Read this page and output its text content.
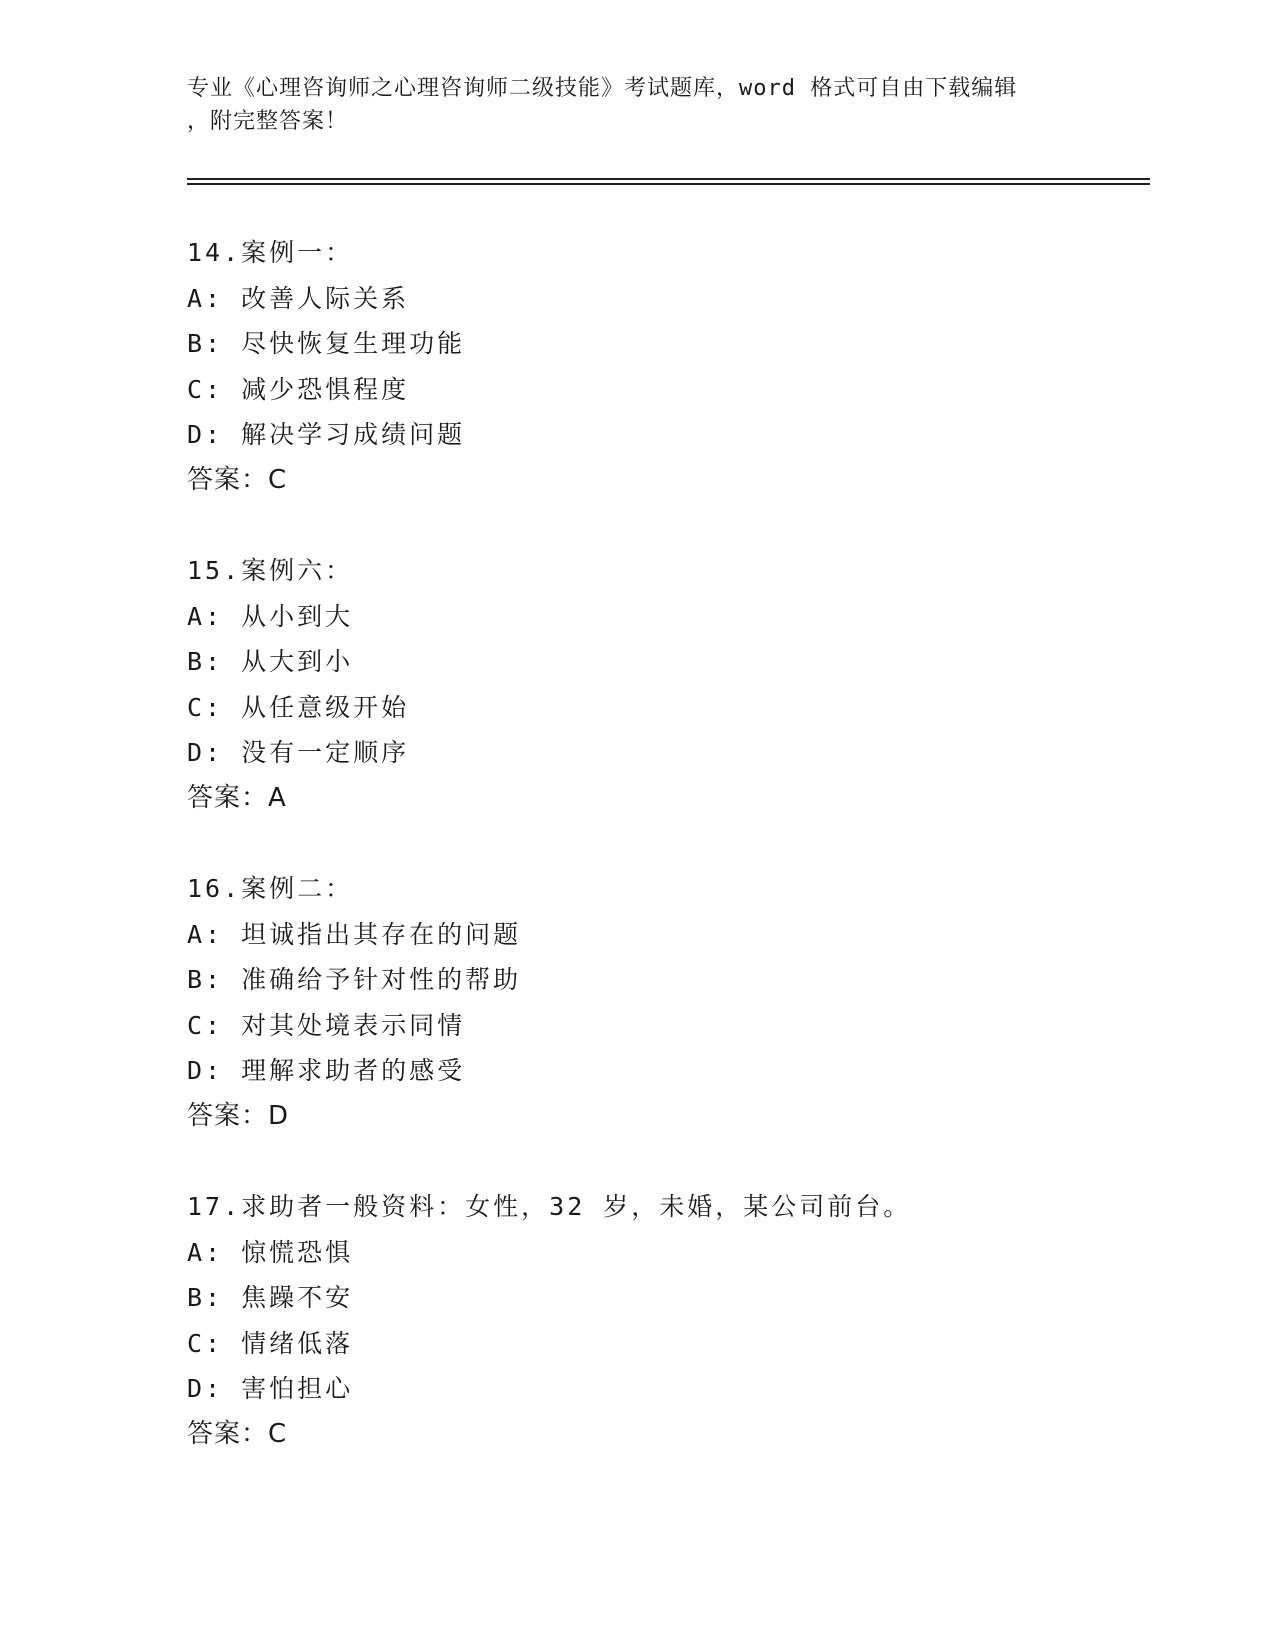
专业《心理咨询师之心理咨询师二级技能》考试题库，word 格式可自由下载编辑
，附完整答案！
14.案例一：
A: 改善人际关系
B: 尽快恢复生理功能
C: 减少恐惧程度
D: 解决学习成绩问题
答案：C
15.案例六：
A: 从小到大
B: 从大到小
C: 从任意级开始
D: 没有一定顺序
答案：A
16.案例二：
A: 坦诚指出其存在的问题
B: 准确给予针对性的帮助
C: 对其处境表示同情
D: 理解求助者的感受
答案：D
17.求助者一般资料：女性，32 岁，未婚，某公司前台。
A: 惊慌恐惧
B: 焦躁不安
C: 情绪低落
D: 害怕担心
答案：C
